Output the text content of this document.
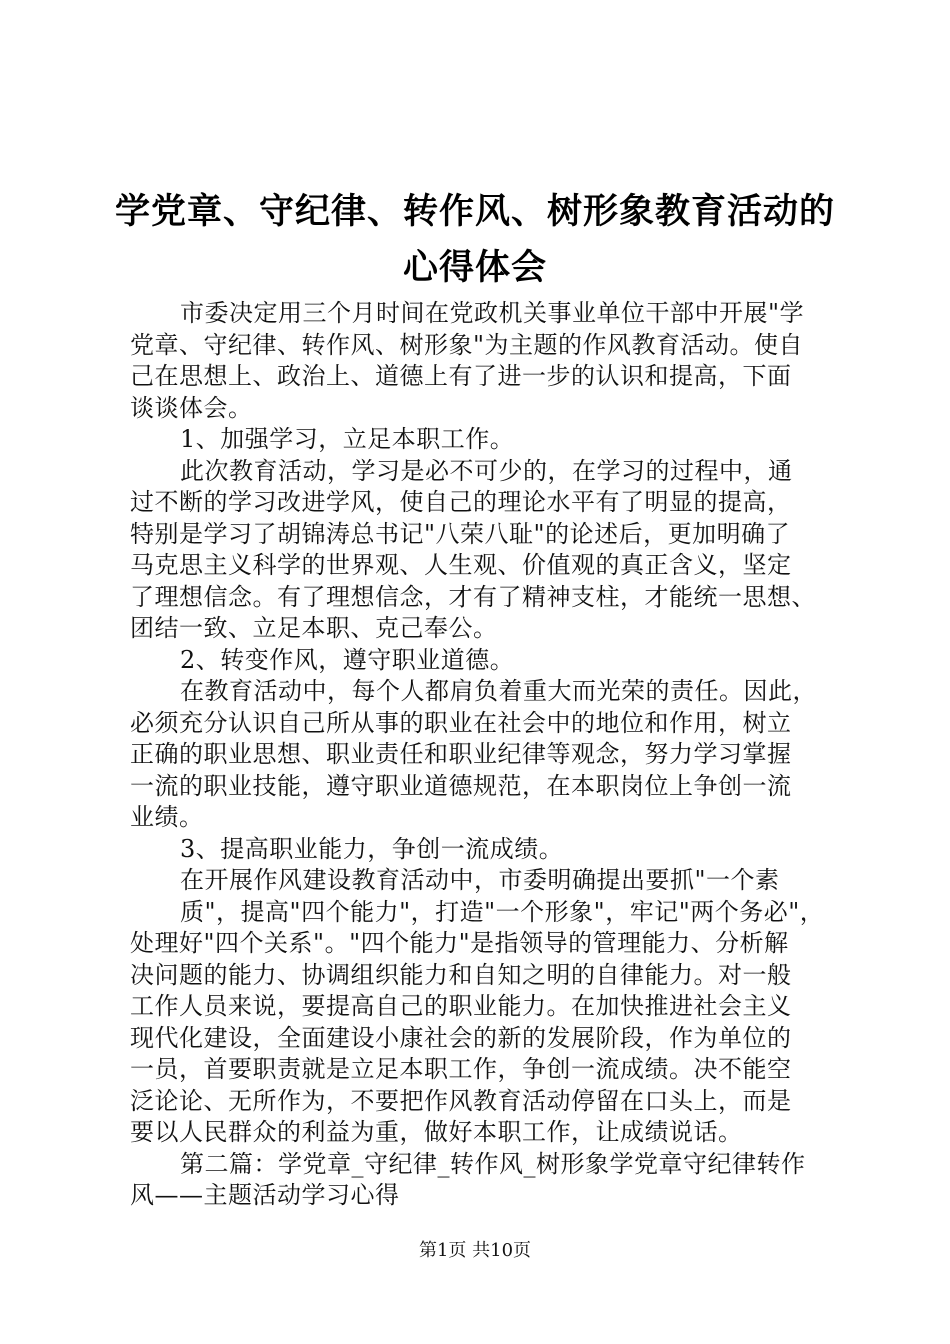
学党章、守纪律、转作风、树形象教育活动的
心得体会
市委决定用三个月时间在党政机关事业单位干部中开展"学
党章、守纪律、转作风、树形象"为主题的作风教育活动。使自
己在思想上、政治上、道德上有了进一步的认识和提高，下面
谈谈体会。
1、加强学习，立足本职工作。
此次教育活动，学习是必不可少的，在学习的过程中，通
过不断的学习改进学风，使自己的理论水平有了明显的提高，
特别是学习了胡锦涛总书记"八荣八耻"的论述后，更加明确了
马克思主义科学的世界观、人生观、价值观的真正含义，坚定
了理想信念。有了理想信念，才有了精神支柱，才能统一思想、
团结一致、立足本职、克己奉公。
2、转变作风，遵守职业道德。
在教育活动中，每个人都肩负着重大而光荣的责任。因此，
必须充分认识自己所从事的职业在社会中的地位和作用，树立
正确的职业思想、职业责任和职业纪律等观念，努力学习掌握
一流的职业技能，遵守职业道德规范，在本职岗位上争创一流
业绩。
3、提高职业能力，争创一流成绩。
在开展作风建设教育活动中，市委明确提出要抓"一个素
质"，提高"四个能力"，打造"一个形象"，牢记"两个务必"，
处理好"四个关系"。"四个能力"是指领导的管理能力、分析解
决问题的能力、协调组织能力和自知之明的自律能力。对一般
工作人员来说，要提高自己的职业能力。在加快推进社会主义
现代化建设，全面建设小康社会的新的发展阶段，作为单位的
一员，首要职责就是立足本职工作，争创一流成绩。决不能空
泛论论、无所作为，不要把作风教育活动停留在口头上，而是
要以人民群众的利益为重，做好本职工作，让成绩说话。
第二篇：学党章_守纪律_转作风_树形象学党章守纪律转作
风——主题活动学习心得
第1页 共10页
